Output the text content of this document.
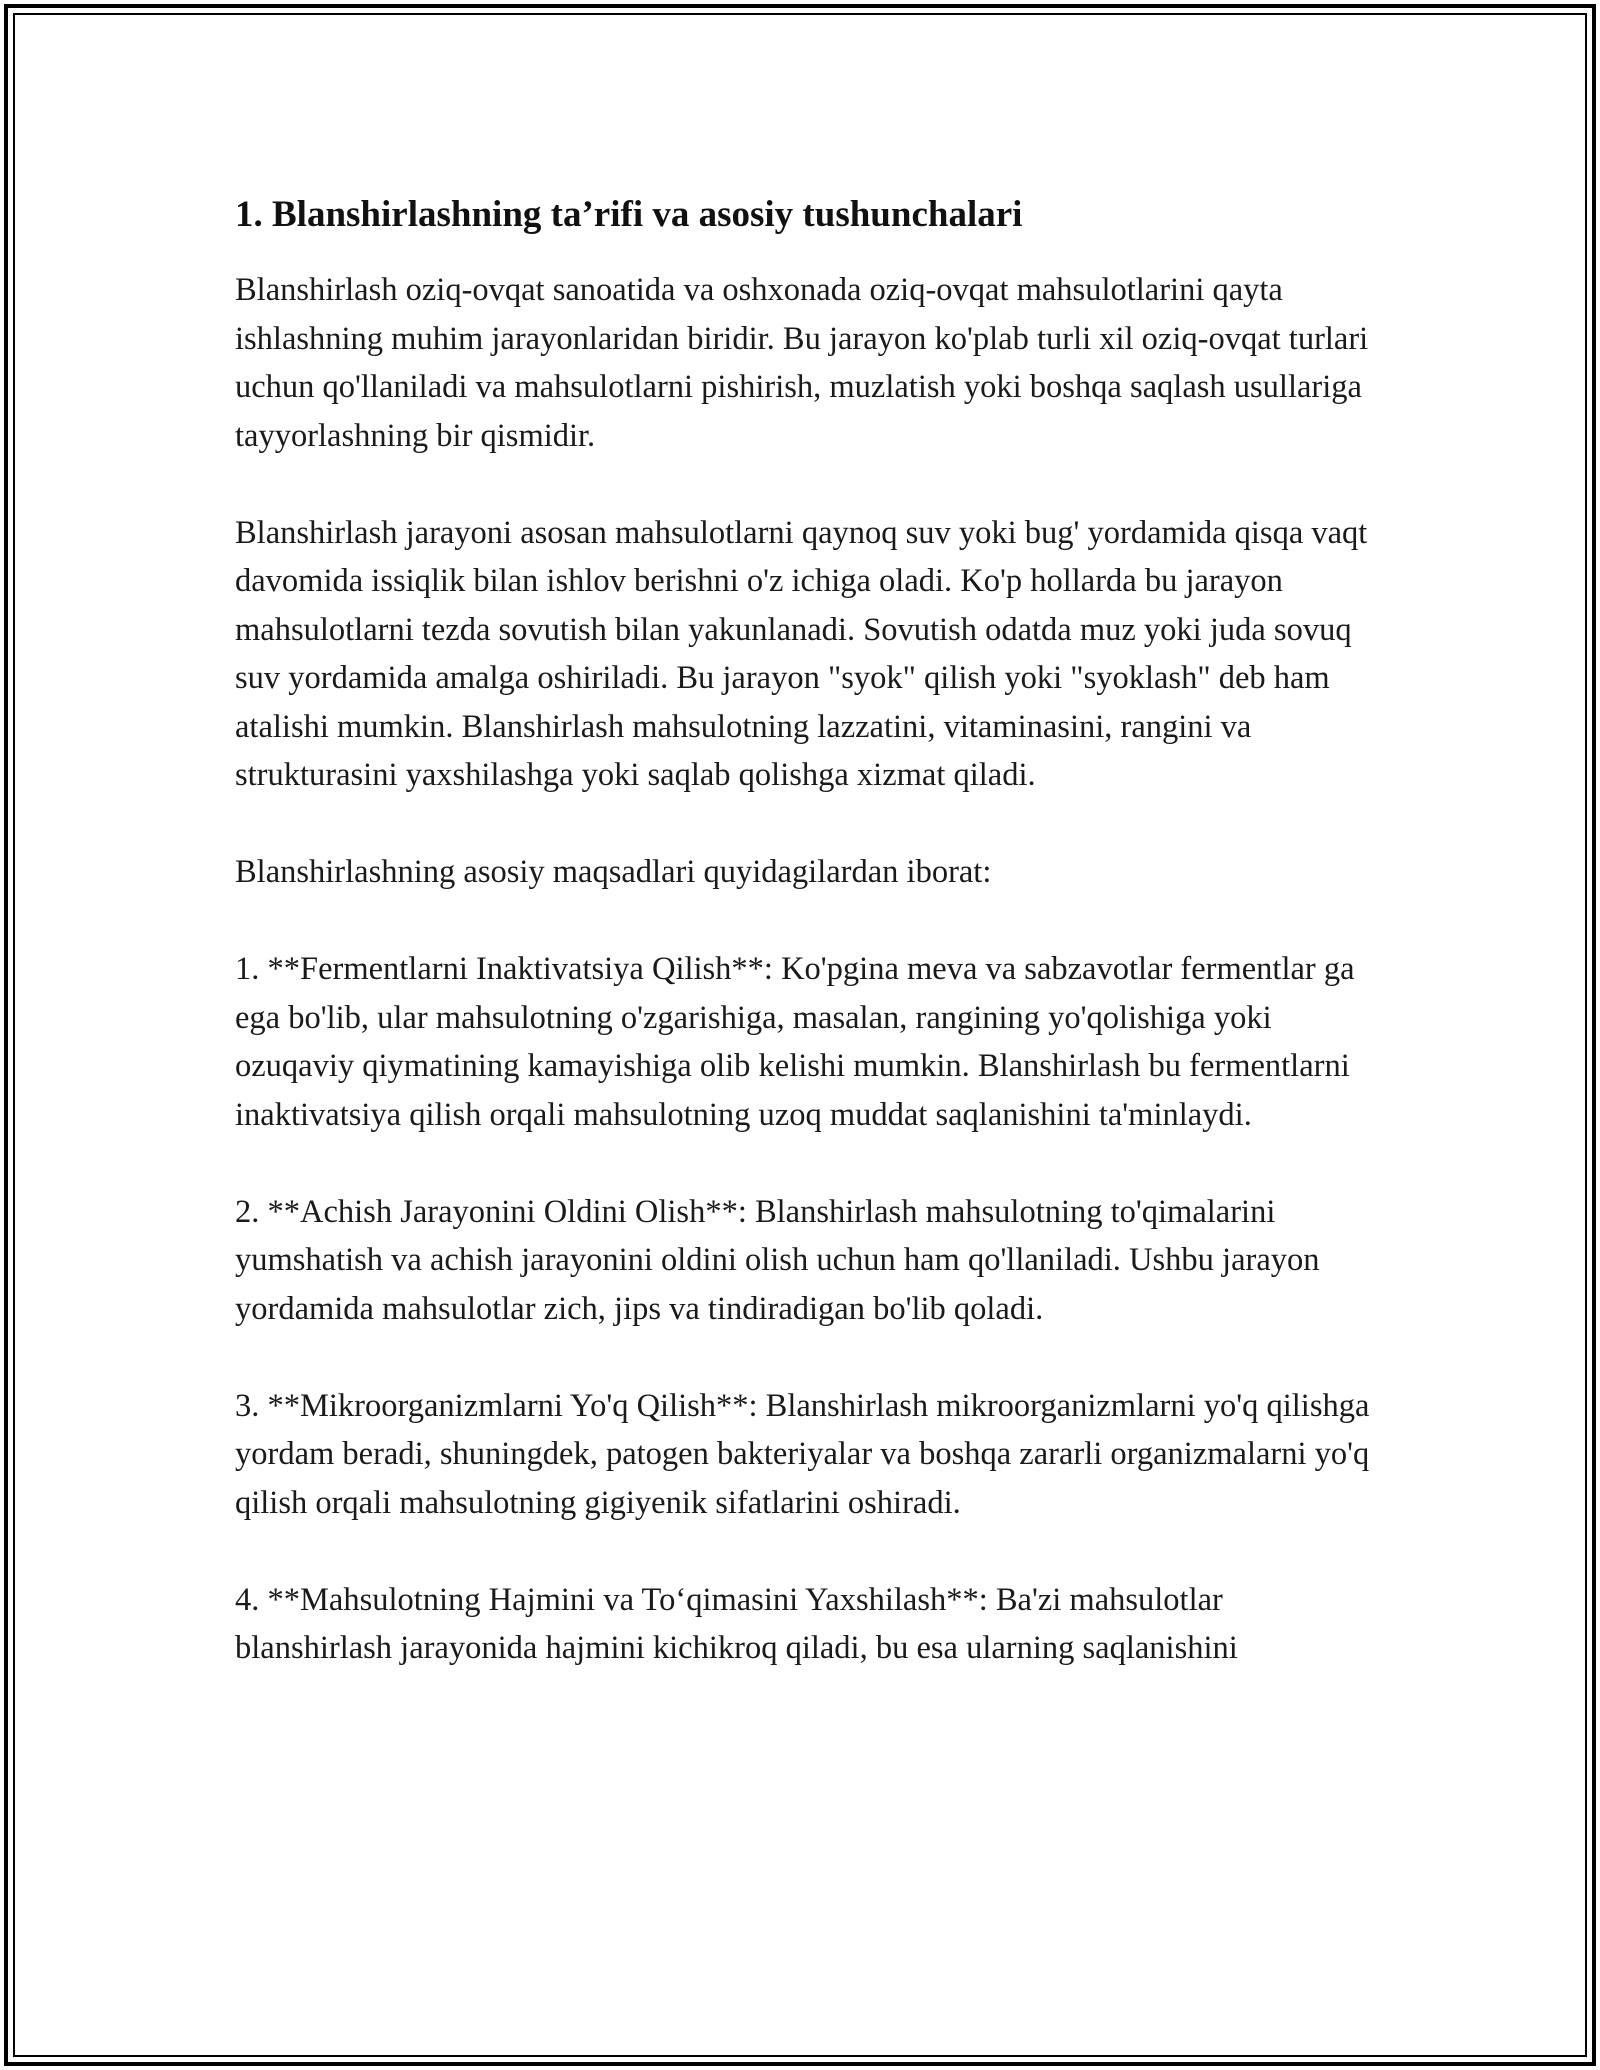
1. Blanshirlashning ta’rifi va asosiy tushunchalari

Blanshirlash oziq-ovqat sanoatida va oshxonada oziq-ovqat mahsulotlarini qayta ishlashning muhim jarayonlaridan biridir. Bu jarayon ko'plab turli xil oziq-ovqat turlari uchun qo'llaniladi va mahsulotlarni pishirish, muzlatish yoki boshqa saqlash usullariga tayyorlashning bir qismidir.

Blanshirlash jarayoni asosan mahsulotlarni qaynoq suv yoki bug' yordamida qisqa vaqt davomida issiqlik bilan ishlov berishni o'z ichiga oladi. Ko'p hollarda bu jarayon mahsulotlarni tezda sovutish bilan yakunlanadi. Sovutish odatda muz yoki juda sovuq suv yordamida amalga oshiriladi. Bu jarayon "syok" qilish yoki "syoklash" deb ham atalishi mumkin. Blanshirlash mahsulotning lazzatini, vitaminasini, rangini va strukturasini yaxshilashga yoki saqlab qolishga xizmat qiladi.

Blanshirlashning asosiy maqsadlari quyidagilardan iborat:

1. **Fermentlarni Inaktivatsiya Qilish**: Ko'pgina meva va sabzavotlar fermentlar ga ega bo'lib, ular mahsulotning o'zgarishiga, masalan, rangining yo'qolishiga yoki ozuqaviy qiymatining kamayishiga olib kelishi mumkin. Blanshirlash bu fermentlarni inaktivatsiya qilish orqali mahsulotning uzoq muddat saqlanishini ta'minlaydi.

2. **Achish Jarayonini Oldini Olish**: Blanshirlash mahsulotning to'qimalarini yumshatish va achish jarayonini oldini olish uchun ham qo'llaniladi. Ushbu jarayon yordamida mahsulotlar zich, jips va tindiradigan bo'lib qoladi.

3. **Mikroorganizmlarni Yo'q Qilish**: Blanshirlash mikroorganizmlarni yo'q qilishga yordam beradi, shuningdek, patogen bakteriyalar va boshqa zararli organizmalarni yo'q qilish orqali mahsulotning gigiyenik sifatlarini oshiradi.

4. **Mahsulotning Hajmini va To‘qimasini Yaxshilash**: Ba'zi mahsulotlar blanshirlash jarayonida hajmini kichikroq qiladi, bu esa ularning saqlanishini
